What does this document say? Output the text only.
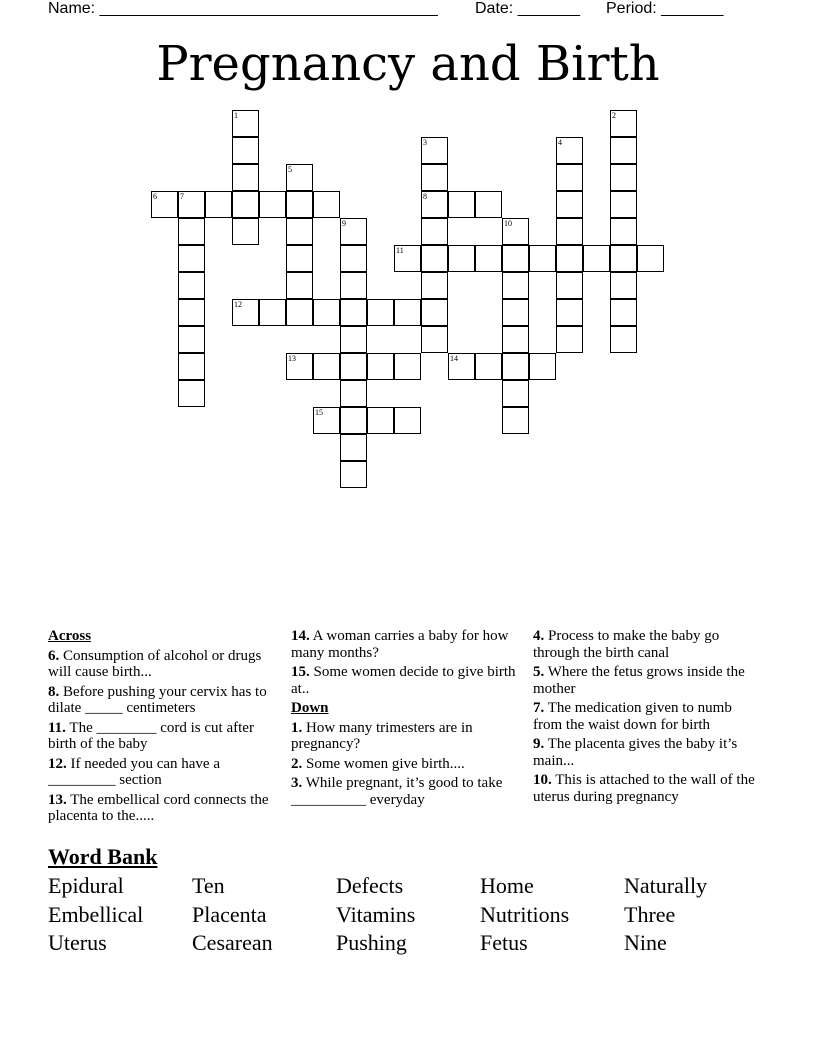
Name: ______________________________________ Date: _______ Period: _______
Pregnancy and Birth
1	2
3
8
4
5
6	7
9	10
11
12
13	14
15
Across
6. Consumption of alcohol or drugs will cause birth...
8. Before pushing your cervix has to dilate _____ centimeters
11. The ________ cord is cut after birth of the baby
12. If needed you can have a _________ section
13. The embellical cord connects the placenta to the.....
14. A woman carries a baby for how many months?
15. Some women decide to give birth at..
Down
1. How many trimesters are in pregnancy?
2. Some women give birth....
3. While pregnant, it’s good to take __________ everyday
4. Process to make the baby go through the birth canal
5. Where the fetus grows inside the mother
7. The medication given to numb from the waist down for birth
9. The placenta gives the baby it’s main...
10. This is attached to the wall of the uterus during pregnancy
Word Bank
Epidural	Ten	Defects	Home	Naturally
Embellical Placenta	Vitamins	Nutritions Three
Uterus	Cesarean	Pushing	Fetus	Nine
